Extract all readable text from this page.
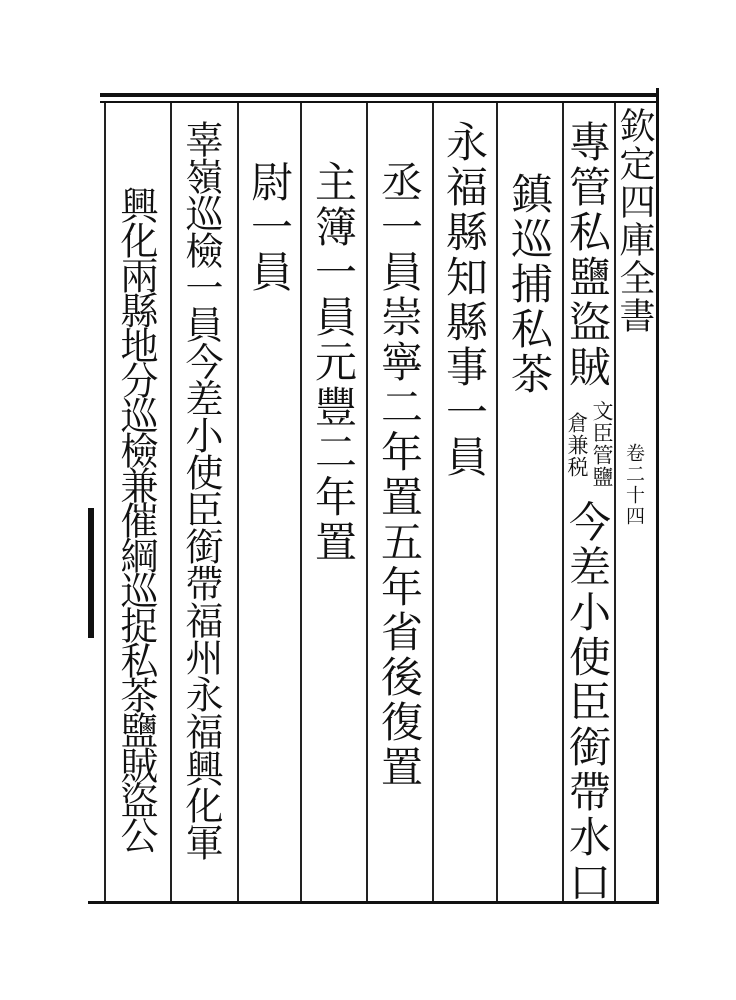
欽定四庫全書
卷二十四
專管私鹽盜賊
文臣管鹽
倉兼税
今差小使臣銜帶水口
鎮巡捕私茶
永福縣知縣事一員
丞一員崇寧二年置五年省後復置
主簿一員元豐二年置
尉一員
辜嶺巡檢一員今差小使臣銜帶福州永福興化軍
興化兩縣地分巡檢兼催綱巡捉私茶鹽賊盜公
